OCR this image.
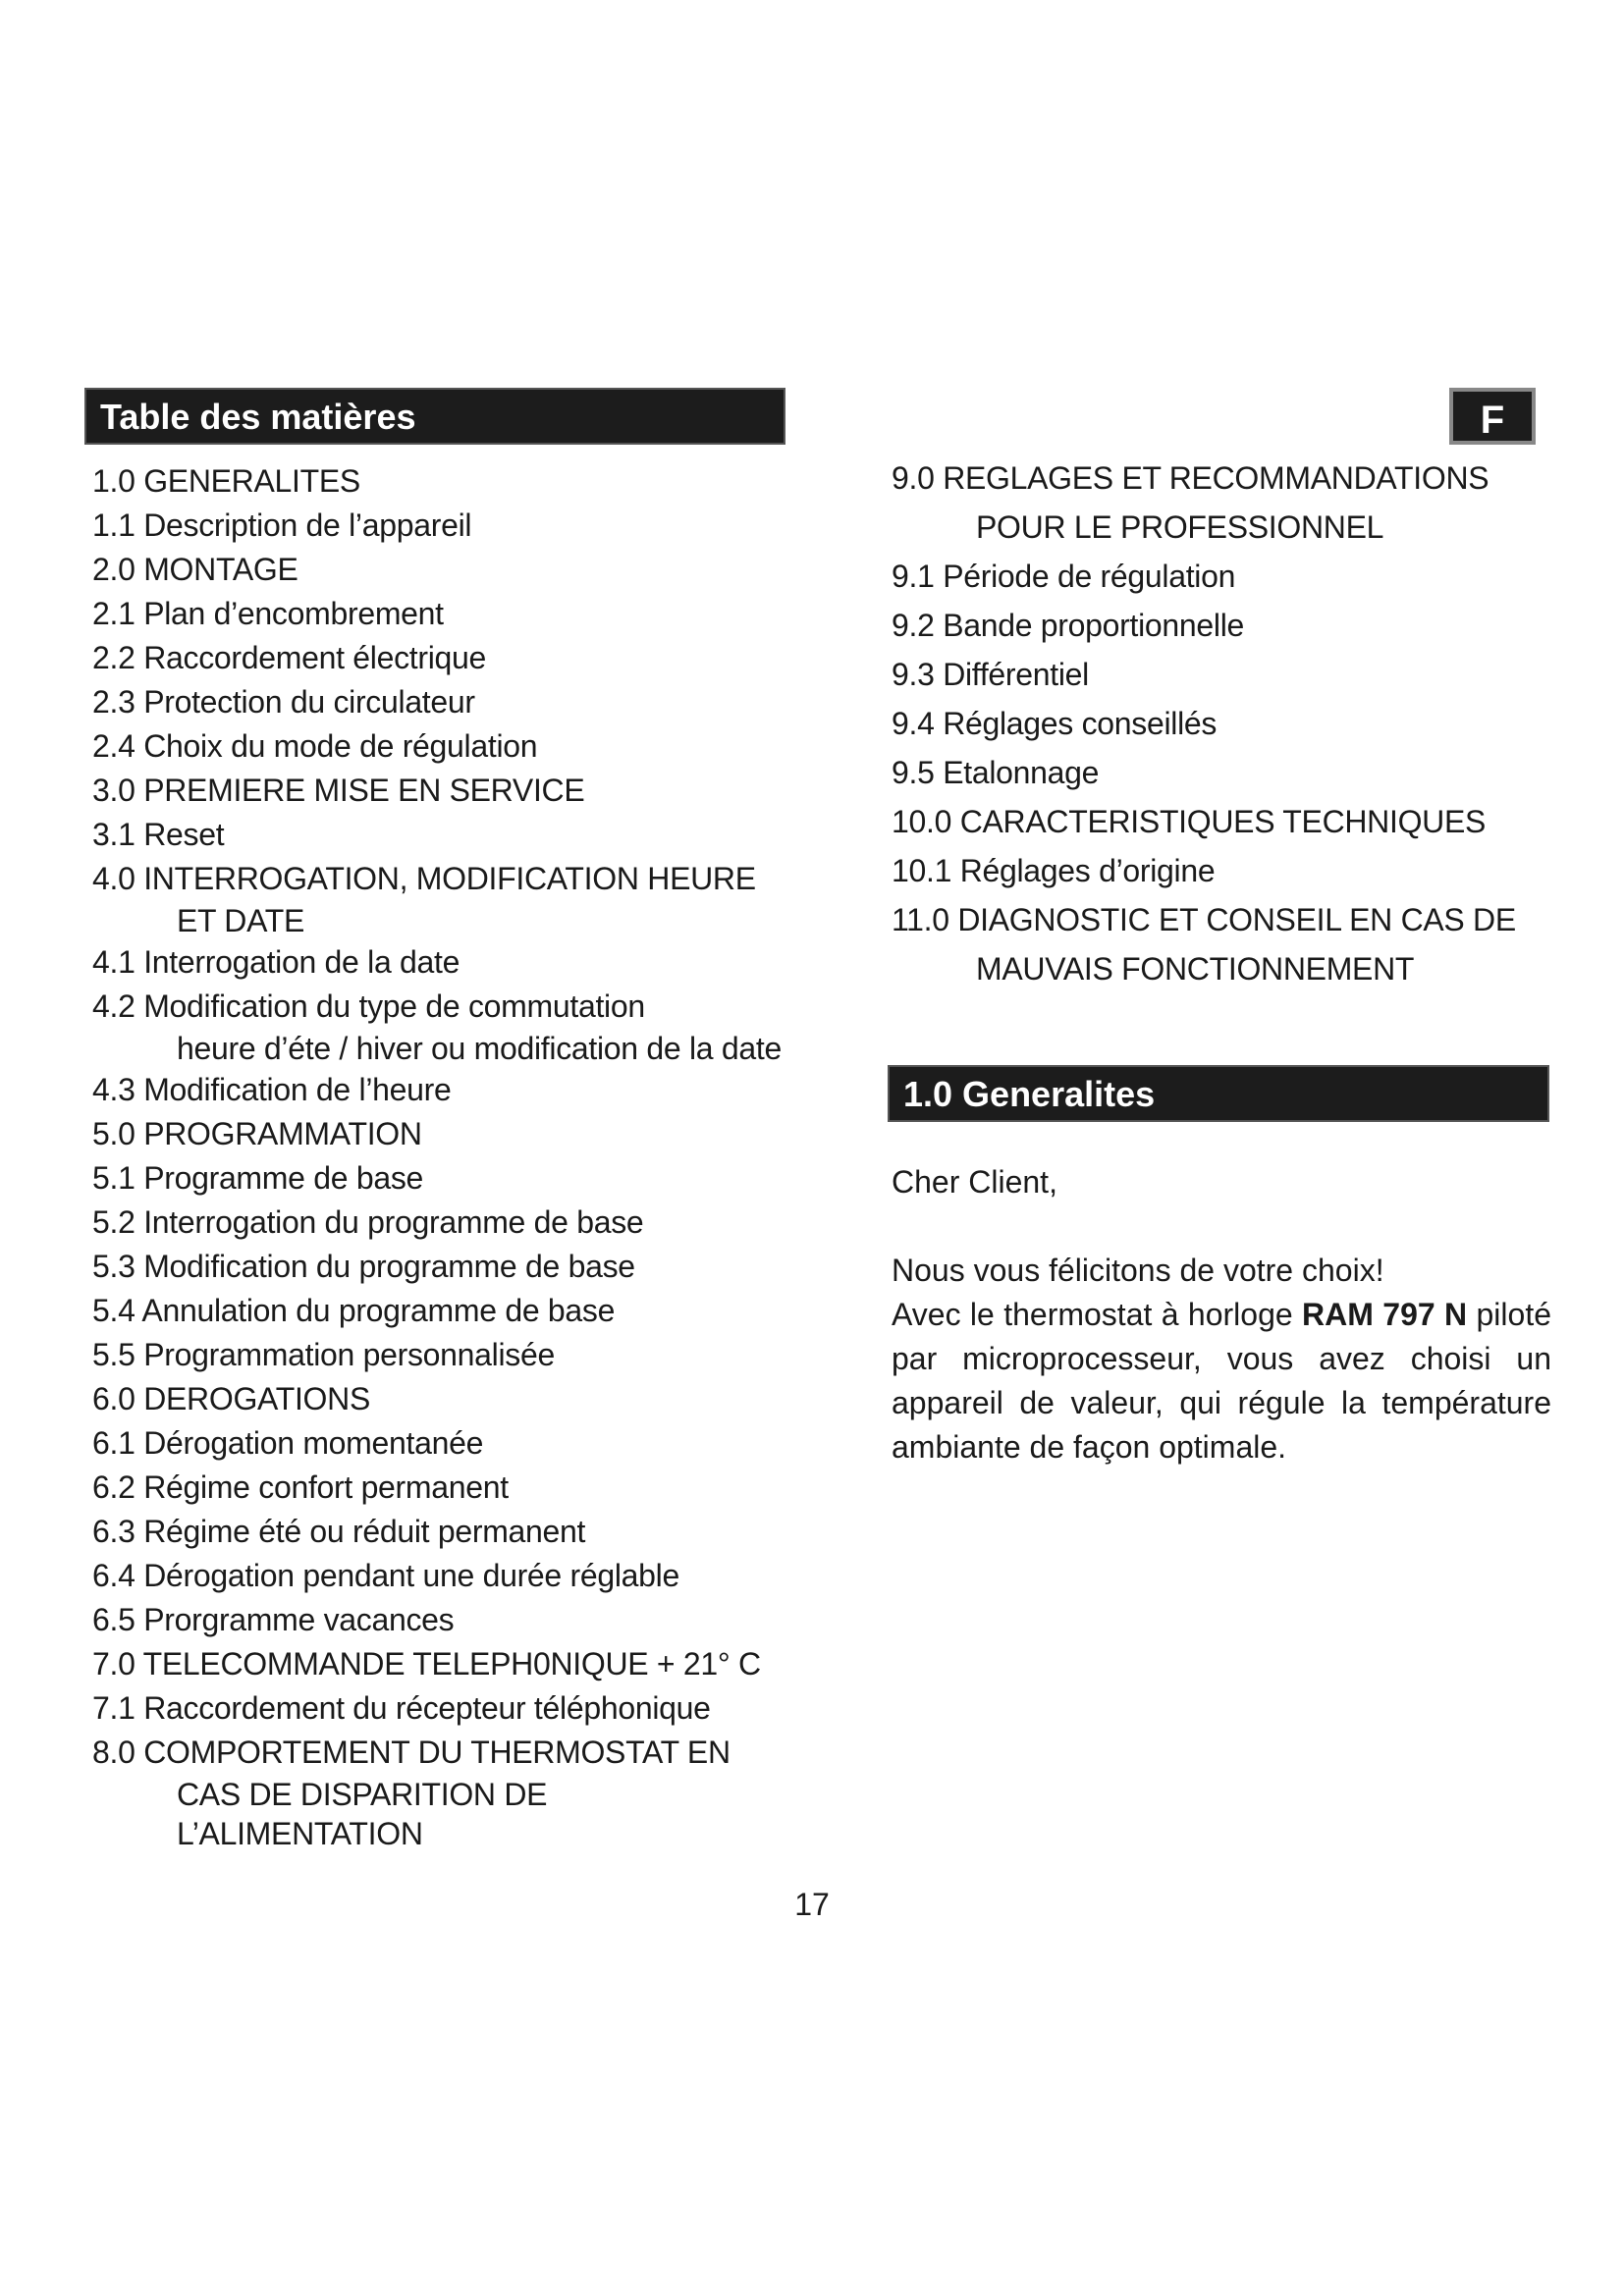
Table des matières	F
1.0 GENERALITES
1.1 Description de l’appareil
2.0 MONTAGE
2.1 Plan d’encombrement
2.2 Raccordement électrique
2.3 Protection du circulateur
2.4 Choix du mode de régulation
3.0 PREMIERE MISE EN SERVICE
3.1 Reset
4.0 INTERROGATION, MODIFICATION HEURE
ET DATE
4.1 Interrogation de la date
4.2 Modification du type de commutation
heure d’éte / hiver ou modification de la date
4.3 Modification de l’heure
5.0 PROGRAMMATION
5.1 Programme de base
5.2 Interrogation du programme de base
5.3 Modification du programme de base
5.4 Annulation du programme de base
5.5 Programmation personnalisée
6.0 DEROGATIONS
6.1 Dérogation momentanée
6.2 Régime confort permanent
6.3 Régime été ou réduit permanent
6.4 Dérogation pendant une durée réglable
6.5 Prorgramme vacances
7.0 TELECOMMANDE TELEPH0NIQUE + 21° C
7.1 Raccordement du récepteur téléphonique
8.0 COMPORTEMENT DU THERMOSTAT EN
CAS DE DISPARITION DE L’ALIMENTATION
9.0 REGLAGES ET RECOMMANDATIONS
POUR LE PROFESSIONNEL
9.1 Période de régulation
9.2 Bande proportionnelle
9.3 Différentiel
9.4 Réglages conseillés
9.5 Etalonnage
10.0 CARACTERISTIQUES TECHNIQUES
10.1 Réglages d’origine
11.0 DIAGNOSTIC ET CONSEIL EN CAS DE
MAUVAIS FONCTIONNEMENT
1.0 Generalites
Cher Client,

Nous vous félicitons de votre choix!

Avec le thermostat à horloge RAM 797 N piloté par microprocesseur, vous avez choisi un appareil de valeur, qui régule la température ambiante de façon optimale.

17
